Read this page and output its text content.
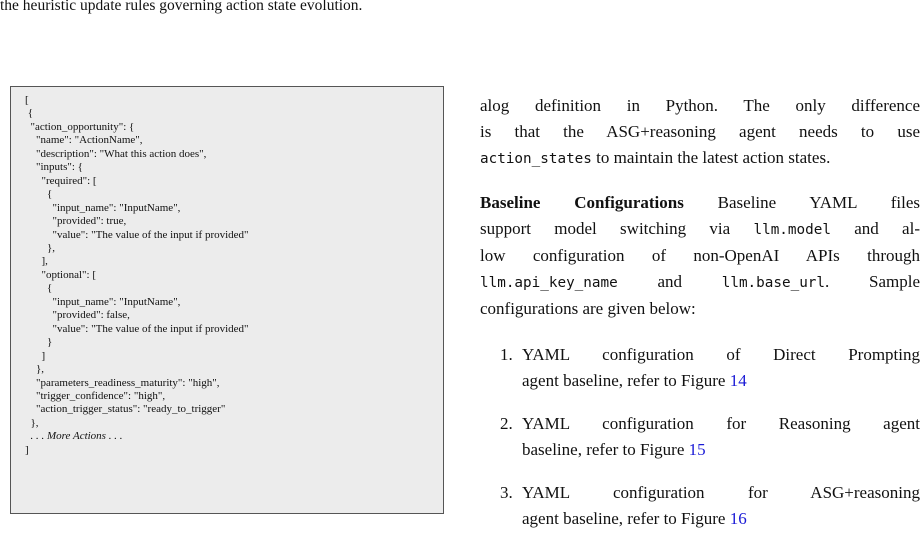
the heuristic update rules governing action state evolution.
[
{
"action_opportunity": {
"name": "ActionName",
"description": "What this action does",
"inputs": {
"required": [
{
"input_name": "InputName",
"provided": true,
"value": "The value of the input if provided"
},
],
"optional": [
{
"input_name": "InputName",
"provided": false,
"value": "The value of the input if provided"
}
]
},
"parameters_readiness_maturity": "high",
"trigger_confidence": "high",
"action_trigger_status": "ready_to_trigger"
},
. . . More Actions . . .
]

alog definition in Python. The only difference
is that the ASG+reasoning agent needs to use
action_states to maintain the latest action states.

Baseline Configurations Baseline YAML files
support model switching via llm.model and al-
low configuration of non-OpenAI APIs through
llm.api_key_name and llm.base_url. Sample
configurations are given below:

1. YAML configuration of Direct Prompting
agent baseline, refer to Figure 14
2. YAML configuration for Reasoning agent
baseline, refer to Figure 15
3. YAML configuration for ASG+reasoning
agent baseline, refer to Figure 16
